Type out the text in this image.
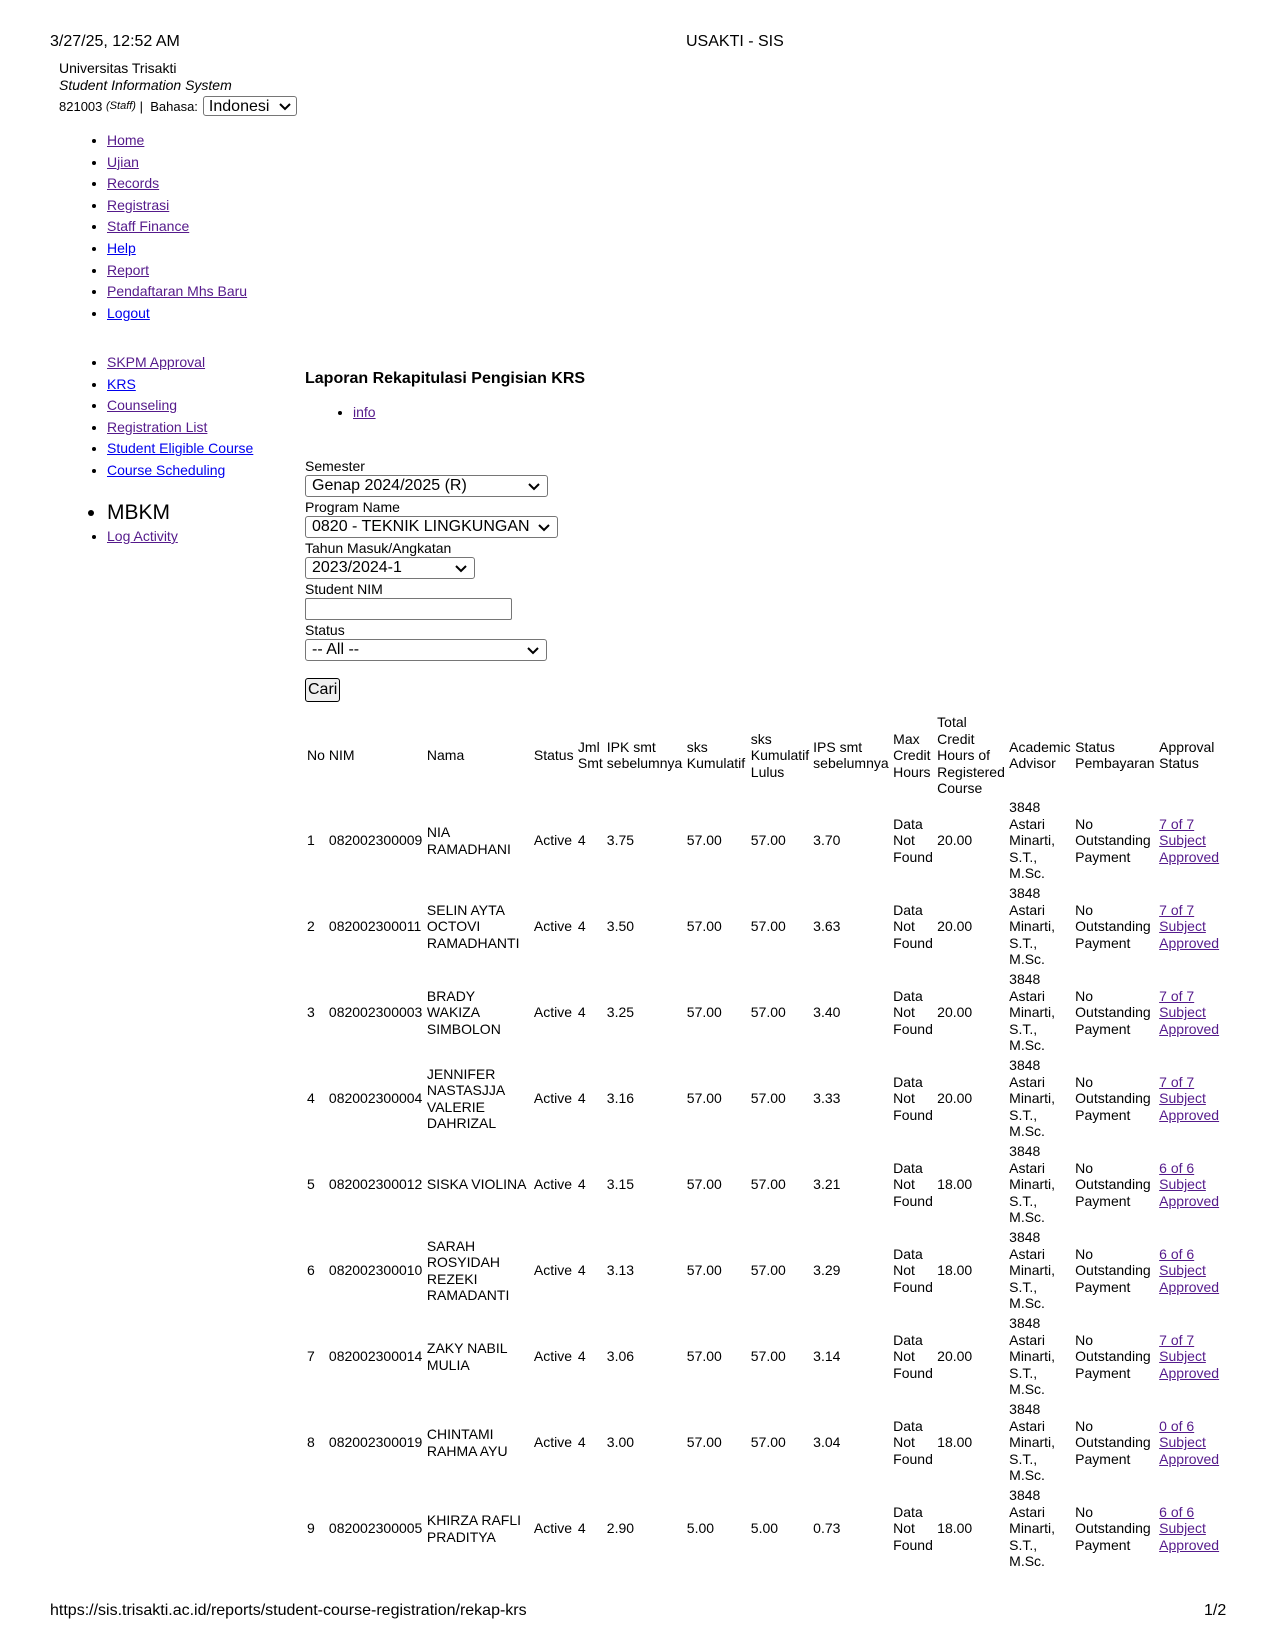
3/27/25, 12:52 AM	USAKTI - SIS
https://sis.trisakti.ac.id/reports/student-course-registration/rekap-krs	1/2
Universitas Trisakti
Student Information System
821003
(Staff)
|
Bahasa: Indonesi
• Home
• Ujian
• Records
• Registrasi
• Staff Finance
• Help
• Report
• Pendaftaran Mhs Baru
• Logout
• SKPM Approval
• KRS
• Counseling
• Registration List
• Student Eligible Course
• Course Scheduling
• MBKM
• Log Activity
Laporan Rekapitulasi Pengisian KRS
• info
Semester
Genap 2024/2025 (R)
Program Name
0820 - TEKNIK LINGKUNGAN
Tahun Masuk/Angkatan
2023/2024-1
Student NIM
Status
-- All --
Cari
No	NIM	Nama	Status	Jml Smt	IPK smt sebelumnya	sks Kumulatif	sks Kumulatif Lulus	IPS smt sebelumnya	Max Credit Hours	Total Credit Hours of Registered Course	Academic Advisor	Status Pembayaran	Approval Status
1	082002300009	NIA RAMADHANI	Active	4	3.75	57.00	57.00	3.70	Data Not Found	20.00	3848 Astari Minarti, S.T., M.Sc.	No Outstanding Payment	7 of 7 Subject Approved
2	082002300011	SELIN AYTA OCTOVI RAMADHANTI	Active	4	3.50	57.00	57.00	3.63	Data Not Found	20.00	3848 Astari Minarti, S.T., M.Sc.	No Outstanding Payment	7 of 7 Subject Approved
3	082002300003	BRADY WAKIZA SIMBOLON	Active	4	3.25	57.00	57.00	3.40	Data Not Found	20.00	3848 Astari Minarti, S.T., M.Sc.	No Outstanding Payment	7 of 7 Subject Approved
4	082002300004	JENNIFER NASTASJJA VALERIE DAHRIZAL	Active	4	3.16	57.00	57.00	3.33	Data Not Found	20.00	3848 Astari Minarti, S.T., M.Sc.	No Outstanding Payment	7 of 7 Subject Approved
5	082002300012	SISKA VIOLINA	Active	4	3.15	57.00	57.00	3.21	Data Not Found	18.00	3848 Astari Minarti, S.T., M.Sc.	No Outstanding Payment	6 of 6 Subject Approved
6	082002300010	SARAH ROSYIDAH REZEKI RAMADANTI	Active	4	3.13	57.00	57.00	3.29	Data Not Found	18.00	3848 Astari Minarti, S.T., M.Sc.	No Outstanding Payment	6 of 6 Subject Approved
7	082002300014	ZAKY NABIL MULIA	Active	4	3.06	57.00	57.00	3.14	Data Not Found	20.00	3848 Astari Minarti, S.T., M.Sc.	No Outstanding Payment	7 of 7 Subject Approved
8	082002300019	CHINTAMI RAHMA AYU	Active	4	3.00	57.00	57.00	3.04	Data Not Found	18.00	3848 Astari Minarti, S.T., M.Sc.	No Outstanding Payment	0 of 6 Subject Approved
9	082002300005	KHIRZA RAFLI PRADITYA	Active	4	2.90	5.00	5.00	0.73	Data Not Found	18.00	3848 Astari Minarti, S.T., M.Sc.	No Outstanding Payment	6 of 6 Subject Approved
